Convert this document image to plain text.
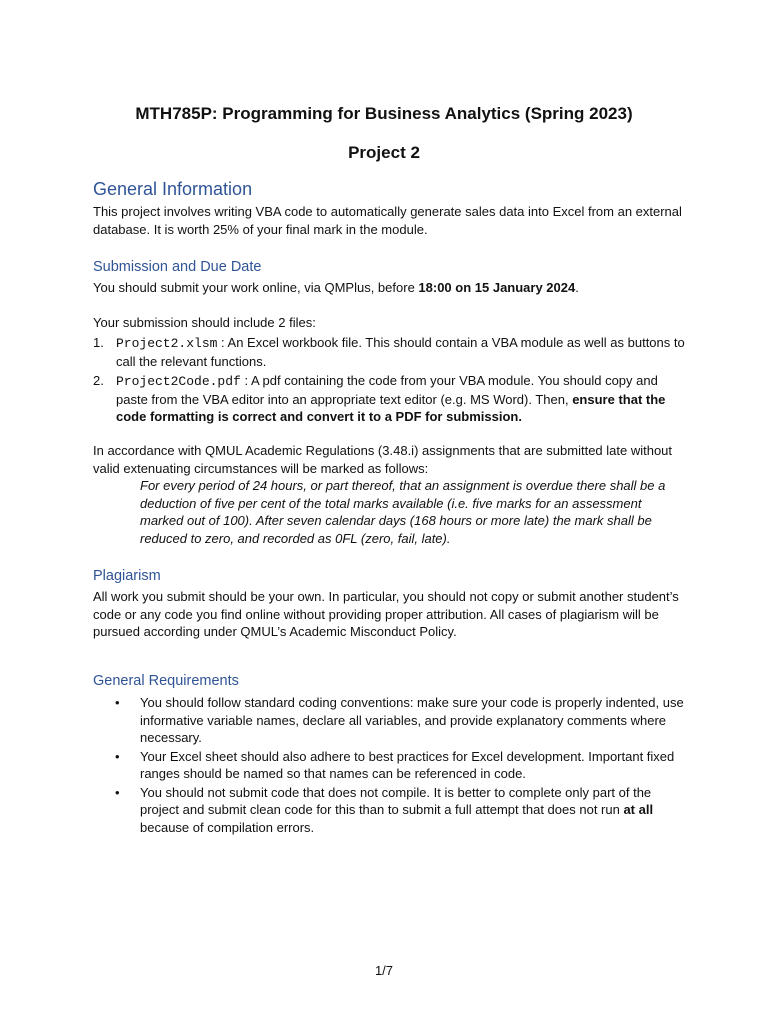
MTH785P: Programming for Business Analytics (Spring 2023)
Project 2
General Information
This project involves writing VBA code to automatically generate sales data into Excel from an external database. It is worth 25% of your final mark in the module.
Submission and Due Date
You should submit your work online, via QMPlus, before 18:00 on 15 January 2024.
Your submission should include 2 files:
1. Project2.xlsm : An Excel workbook file. This should contain a VBA module as well as buttons to call the relevant functions.
2. Project2Code.pdf : A pdf containing the code from your VBA module. You should copy and paste from the VBA editor into an appropriate text editor (e.g. MS Word). Then, ensure that the code formatting is correct and convert it to a PDF for submission.
In accordance with QMUL Academic Regulations (3.48.i) assignments that are submitted late without valid extenuating circumstances will be marked as follows:
For every period of 24 hours, or part thereof, that an assignment is overdue there shall be a deduction of five per cent of the total marks available (i.e. five marks for an assessment marked out of 100). After seven calendar days (168 hours or more late) the mark shall be reduced to zero, and recorded as 0FL (zero, fail, late).
Plagiarism
All work you submit should be your own. In particular, you should not copy or submit another student’s code or any code you find online without providing proper attribution. All cases of plagiarism will be pursued according under QMUL’s Academic Misconduct Policy.
General Requirements
• You should follow standard coding conventions: make sure your code is properly indented, use informative variable names, declare all variables, and provide explanatory comments where necessary.
• Your Excel sheet should also adhere to best practices for Excel development. Important fixed ranges should be named so that names can be referenced in code.
• You should not submit code that does not compile. It is better to complete only part of the project and submit clean code for this than to submit a full attempt that does not run at all because of compilation errors.
1/7
